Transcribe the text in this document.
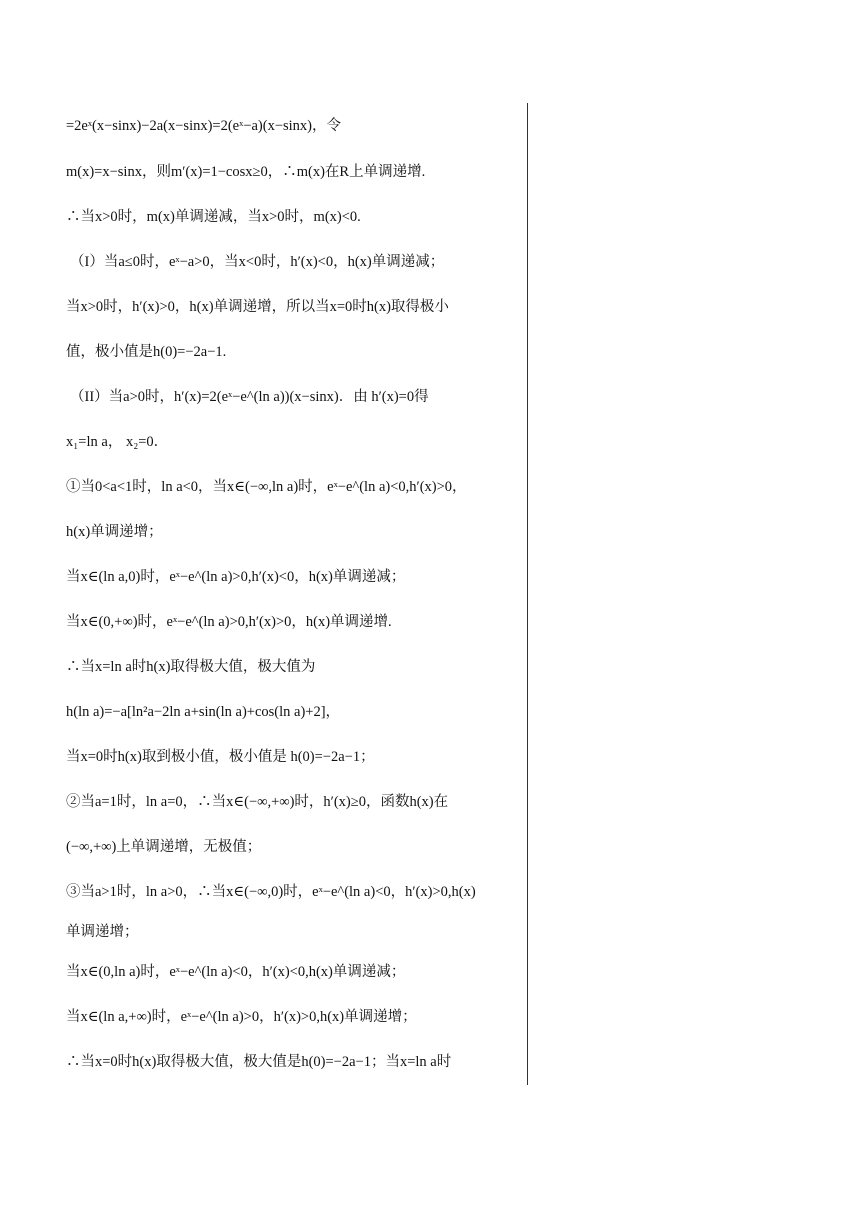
=2eˣ(x−sinx)−2a(x−sinx)=2(eˣ−a)(x−sinx)，令
m(x)=x−sinx，则m′(x)=1−cosx≥0，∴m(x)在R上单调递增.
∴当x>0时，m(x)单调递减，当x>0时，m(x)<0.
（I）当a≤0时，eˣ−a>0，当x<0时，h′(x)<0，h(x)单调递减；
当x>0时，h′(x)>0，h(x)单调递增，所以当x=0时h(x)取得极小
值，极小值是h(0)=−2a−1.
（II）当a>0时，h′(x)=2(eˣ−e^(ln a))(x−sinx)．由 h′(x)=0得
x₁=ln a， x₂=0．
①当0<a<1时，ln a<0，当x∈(−∞,ln a)时，eˣ−e^(ln a)<0,h′(x)>0，
h(x)单调递增；
当x∈(ln a,0)时，eˣ−e^(ln a)>0,h′(x)<0，h(x)单调递减；
当x∈(0,+∞)时，eˣ−e^(ln a)>0,h′(x)>0，h(x)单调递增.
∴当x=ln a时h(x)取得极大值，极大值为
h(ln a)=−a[ln²a−2ln a+sin(ln a)+cos(ln a)+2]，
当x=0时h(x)取到极小值，极小值是 h(0)=−2a−1；
②当a=1时，ln a=0，∴当x∈(−∞,+∞)时，h′(x)≥0，函数h(x)在
(−∞,+∞)上单调递增，无极值；
③当a>1时，ln a>0，∴当x∈(−∞,0)时，eˣ−e^(ln a)<0，h′(x)>0,h(x)
单调递增；
当x∈(0,ln a)时，eˣ−e^(ln a)<0，h′(x)<0,h(x)单调递减；
当x∈(ln a,+∞)时，eˣ−e^(ln a)>0，h′(x)>0,h(x)单调递增；
∴当x=0时h(x)取得极大值，极大值是h(0)=−2a−1；当x=ln a时
